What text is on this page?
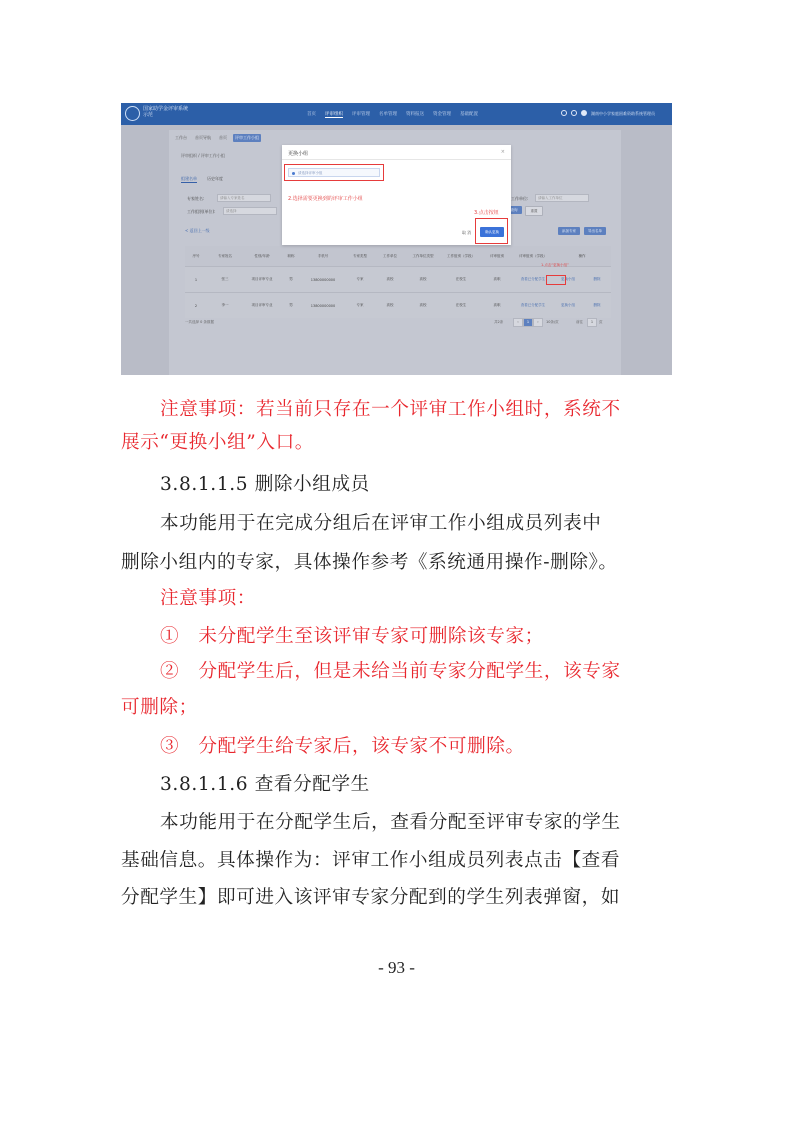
国家助学金评审系统
示范	首页 评审组织 评审管理 名单管理 资料报送 资金管理 基础配置	湖南中小学家庭困难资助系统管理员
工作台	首页导航	首页	评审工作小组
评审组织 / 评审工作小组
组建名单	历史年度
专家姓名:	请输入专家姓名	工作单位:	请输入工作单位
工作组别(单位):	请选择	查询	重置
< 返回上一级	添加专家	导出名单
序号	专家姓名	性别/年龄	职称	手机号	专家类型	工作单位	工作单位类型	工作组别（学段）	评审组别	评审组别（学段）	操作
1	张三	项目评审专业	男	13800000000	专家	高校	高校	在校生	高职	查看已分配学生	更换小组	删除
2	李一	项目评审专业	男	13800000000	专家	高校	高校	在校生	高职	查看已分配学生	更换小组	删除
1.点击“更换小组”
一共选择 0 条数据	共2条	‹	1	›	10条/页	前往	1	页
更换小组	×
请选择评审小组
2.选择需要更换到的评审工作小组
3.点击按钮
取 消	确认更换
注意事项：若当前只存在一个评审工作小组时，系统不
展示“更换小组”入口。
3.8.1.1.5 删除小组成员
本功能用于在完成分组后在评审工作小组成员列表中
删除小组内的专家，具体操作参考《系统通用操作-删除》。
注意事项：
①　未分配学生至该评审专家可删除该专家；
②　分配学生后，但是未给当前专家分配学生，该专家
可删除；
③　分配学生给专家后，该专家不可删除。
3.8.1.1.6 查看分配学生
本功能用于在分配学生后，查看分配至评审专家的学生
基础信息。具体操作为：评审工作小组成员列表点击【查看
分配学生】即可进入该评审专家分配到的学生列表弹窗，如
- 93 -
